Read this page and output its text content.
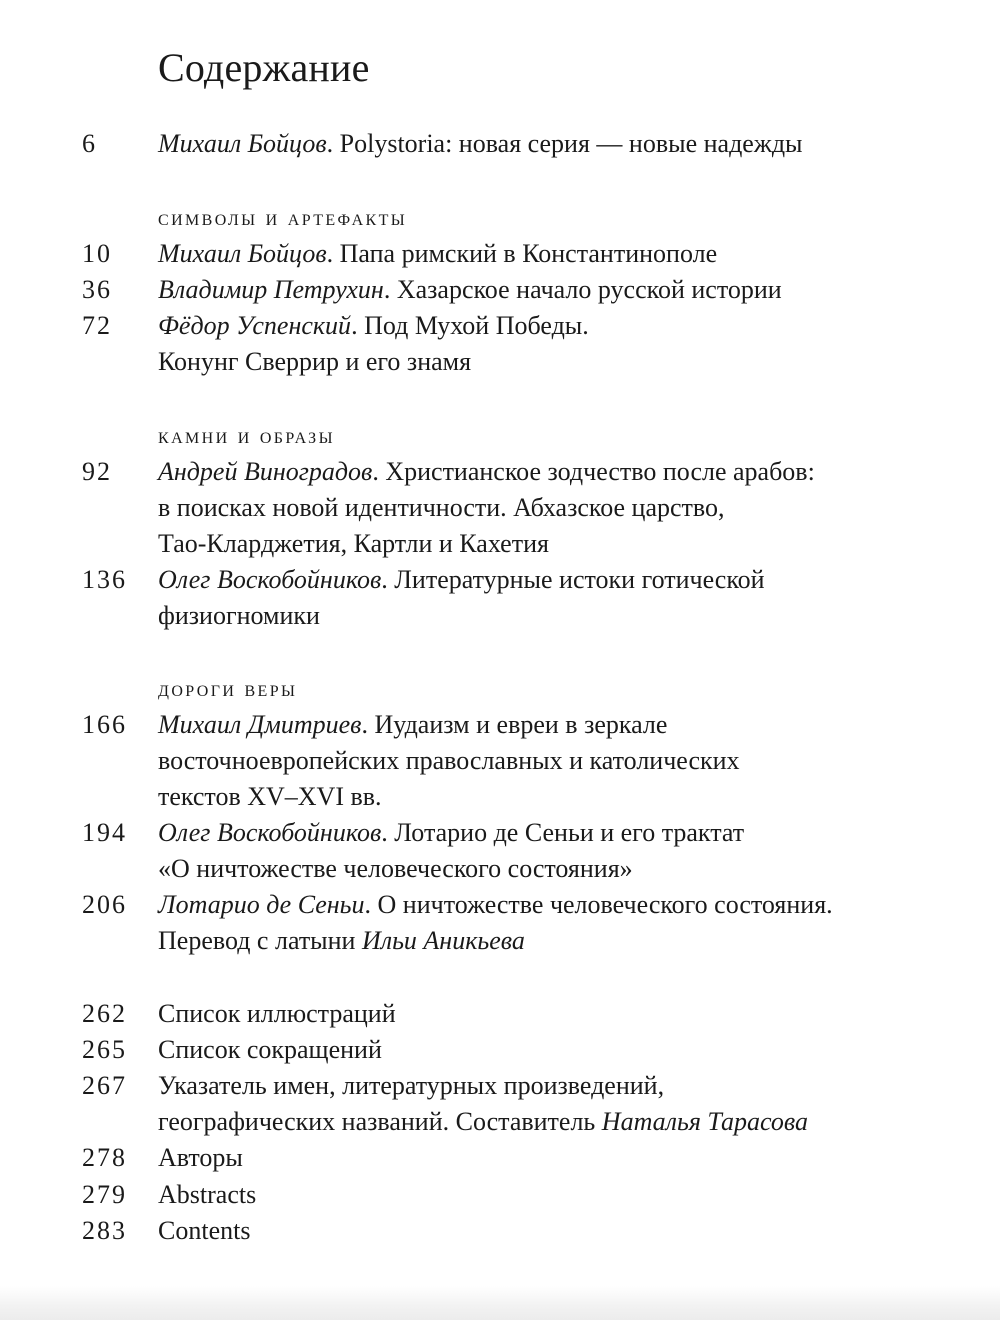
Содержание
6 Михаил Бойцов. Polystoria: новая серия — новые надежды
символы и артефакты
10 Михаил Бойцов. Папа римский в Константинополе
36 Владимир Петрухин. Хазарское начало русской истории
72 Фёдор Успенский. Под Мухой Победы.
Конунг Сверрир и его знамя
камни и образы
92 Андрей Виноградов. Христианское зодчество после арабов:
в поисках новой идентичности. Абхазское царство,
Тао-Кларджетия, Картли и Кахетия
136 Олег Воскобойников. Литературные истоки готической
физиогномики
дороги веры
166 Михаил Дмитриев. Иудаизм и евреи в зеркале
восточноевропейских православных и католических
текстов XV–XVI вв.
194 Олег Воскобойников. Лотарио де Сеньи и его трактат
«О ничтожестве человеческого состояния»
206 Лотарио де Сеньи. О ничтожестве человеческого состояния.
Перевод с латыни Ильи Аникьева
262 Список иллюстраций
265 Список сокращений
267 Указатель имен, литературных произведений,
географических названий. Составитель Наталья Тарасова
278 Авторы
279 Abstracts
283 Contents
